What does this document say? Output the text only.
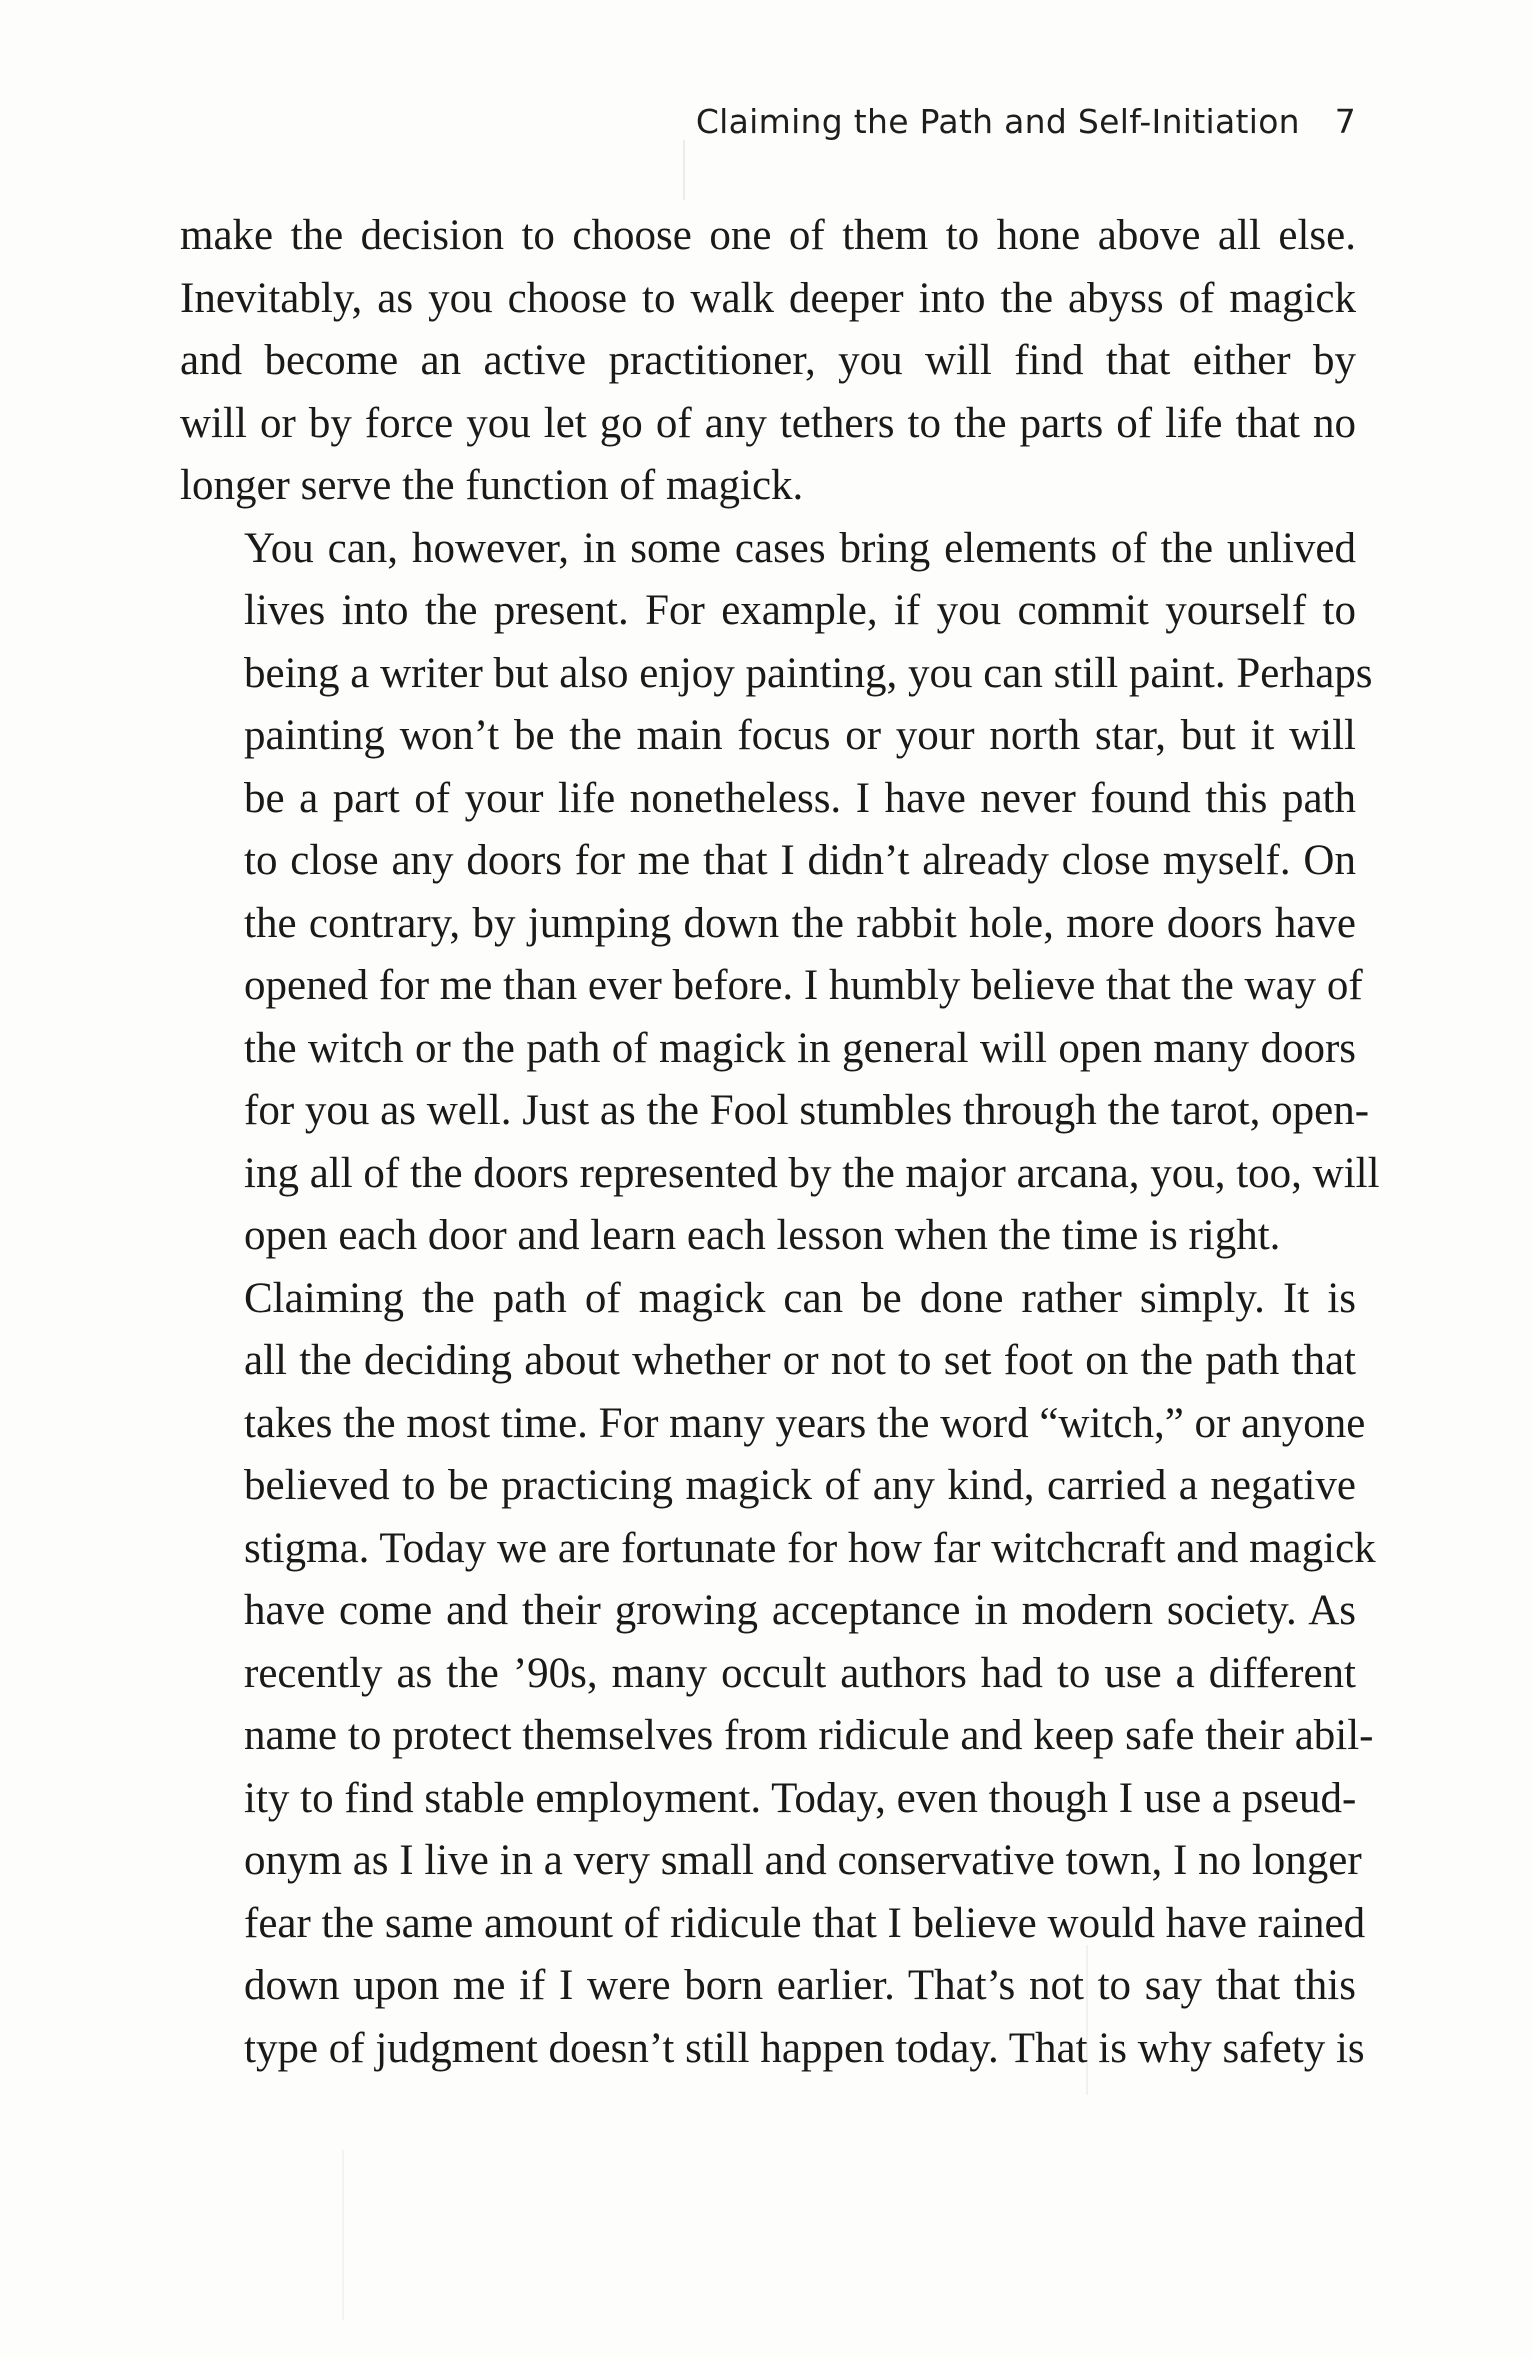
Claiming the Path and Self-Initiation 7

make the decision to choose one of them to hone above all else.
Inevitably, as you choose to walk deeper into the abyss of magick
and become an active practitioner, you will find that either by
will or by force you let go of any tethers to the parts of life that no
longer serve the function of magick.

You can, however, in some cases bring elements of the unlived
lives into the present. For example, if you commit yourself to
being a writer but also enjoy painting, you can still paint. Perhaps
painting won’t be the main focus or your north star, but it will
be a part of your life nonetheless. I have never found this path
to close any doors for me that I didn’t already close myself. On
the contrary, by jumping down the rabbit hole, more doors have
opened for me than ever before. I humbly believe that the way of
the witch or the path of magick in general will open many doors
for you as well. Just as the Fool stumbles through the tarot, open-
ing all of the doors represented by the major arcana, you, too, will
open each door and learn each lesson when the time is right.

Claiming the path of magick can be done rather simply. It is
all the deciding about whether or not to set foot on the path that
takes the most time. For many years the word “witch,” or anyone
believed to be practicing magick of any kind, carried a negative
stigma. Today we are fortunate for how far witchcraft and magick
have come and their growing acceptance in modern society. As
recently as the ’90s, many occult authors had to use a different
name to protect themselves from ridicule and keep safe their abil-
ity to find stable employment. Today, even though I use a pseud-
onym as I live in a very small and conservative town, I no longer
fear the same amount of ridicule that I believe would have rained
down upon me if I were born earlier. That’s not to say that this
type of judgment doesn’t still happen today. That is why safety is
